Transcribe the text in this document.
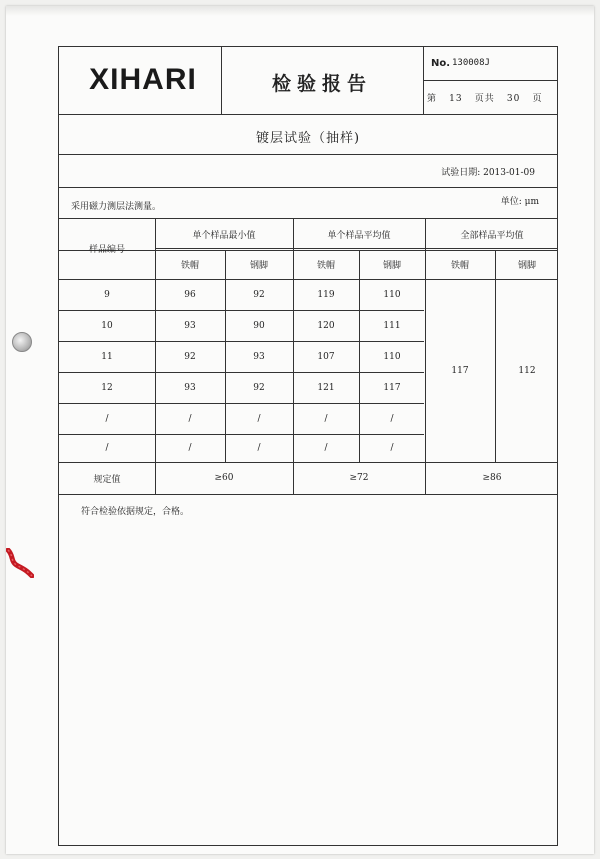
XIHARI	检验报告
No. 130008J
第 13 页共 30 页
镀层试验（抽样)
试验日期: 2013-01-09
采用磁力测层法测量。	单位: μm
样品编号
单个样品最小值	单个样品平均值	全部样品平均值
铁帽	钢脚	铁帽	钢脚	铁帽	钢脚
9	96	92	119	110
10	93	90	120	111
11	92	93	107	110
12	93	92	121	117
/	/	/	/	/
/	/	/	/	/
117	112
规定值	≥60	≥72	≥86
符合检验依据规定，合格。
